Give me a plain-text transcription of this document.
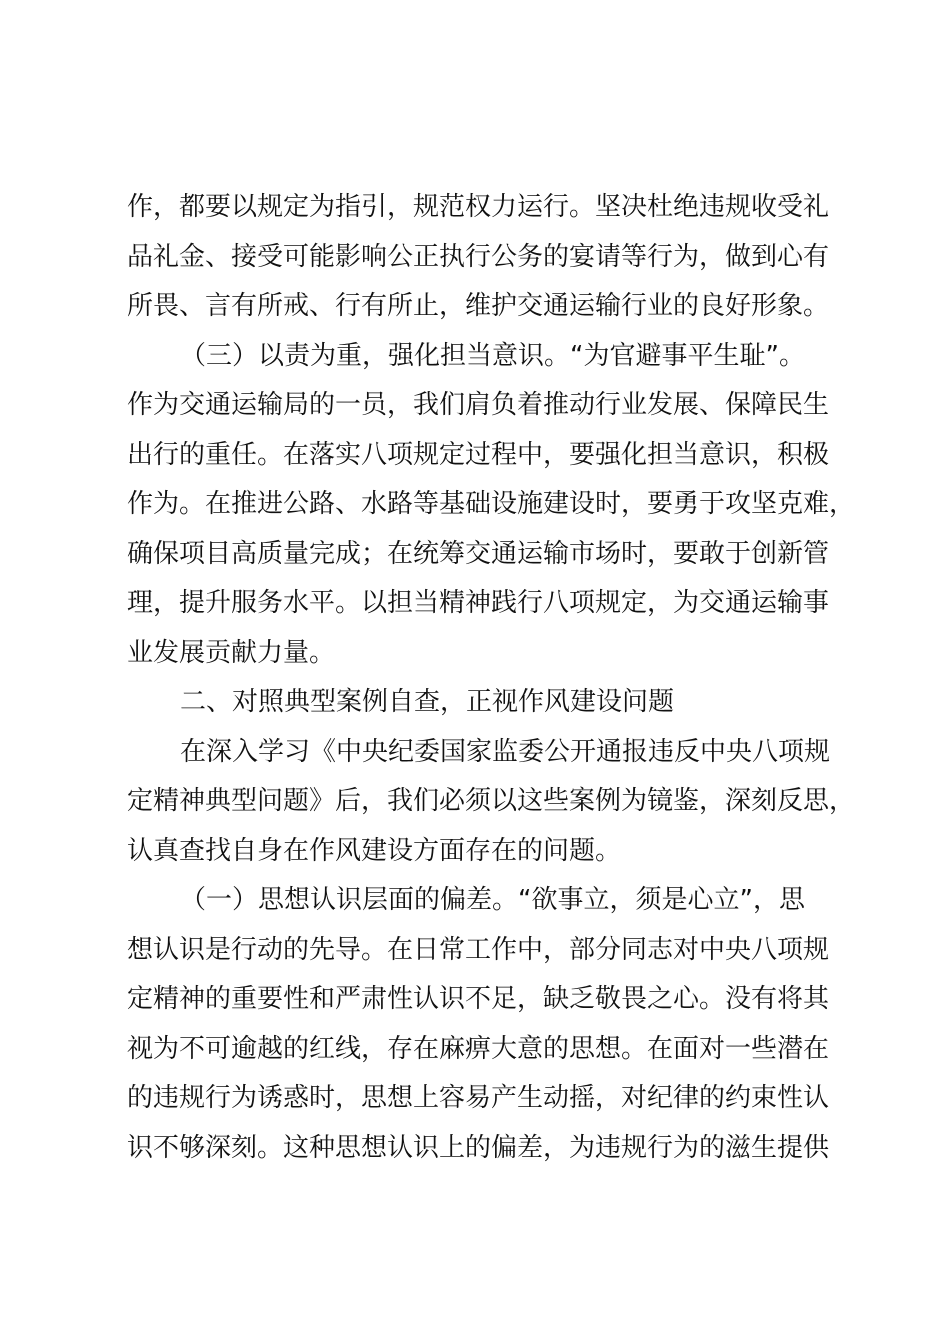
作，都要以规定为指引，规范权力运行。坚决杜绝违规收受礼
品礼金、接受可能影响公正执行公务的宴请等行为，做到心有
所畏、言有所戒、行有所止，维护交通运输行业的良好形象。
（三）以责为重，强化担当意识。“为官避事平生耻”。
作为交通运输局的一员，我们肩负着推动行业发展、保障民生
出行的重任。在落实八项规定过程中，要强化担当意识，积极
作为。在推进公路、水路等基础设施建设时，要勇于攻坚克难，
确保项目高质量完成；在统筹交通运输市场时，要敢于创新管
理，提升服务水平。以担当精神践行八项规定，为交通运输事
业发展贡献力量。
二、对照典型案例自查，正视作风建设问题
在深入学习《中央纪委国家监委公开通报违反中央八项规
定精神典型问题》后，我们必须以这些案例为镜鉴，深刻反思，
认真查找自身在作风建设方面存在的问题。
（一）思想认识层面的偏差。“欲事立，须是心立”，思
想认识是行动的先导。在日常工作中，部分同志对中央八项规
定精神的重要性和严肃性认识不足，缺乏敬畏之心。没有将其
视为不可逾越的红线，存在麻痹大意的思想。在面对一些潜在
的违规行为诱惑时，思想上容易产生动摇，对纪律的约束性认
识不够深刻。这种思想认识上的偏差，为违规行为的滋生提供
